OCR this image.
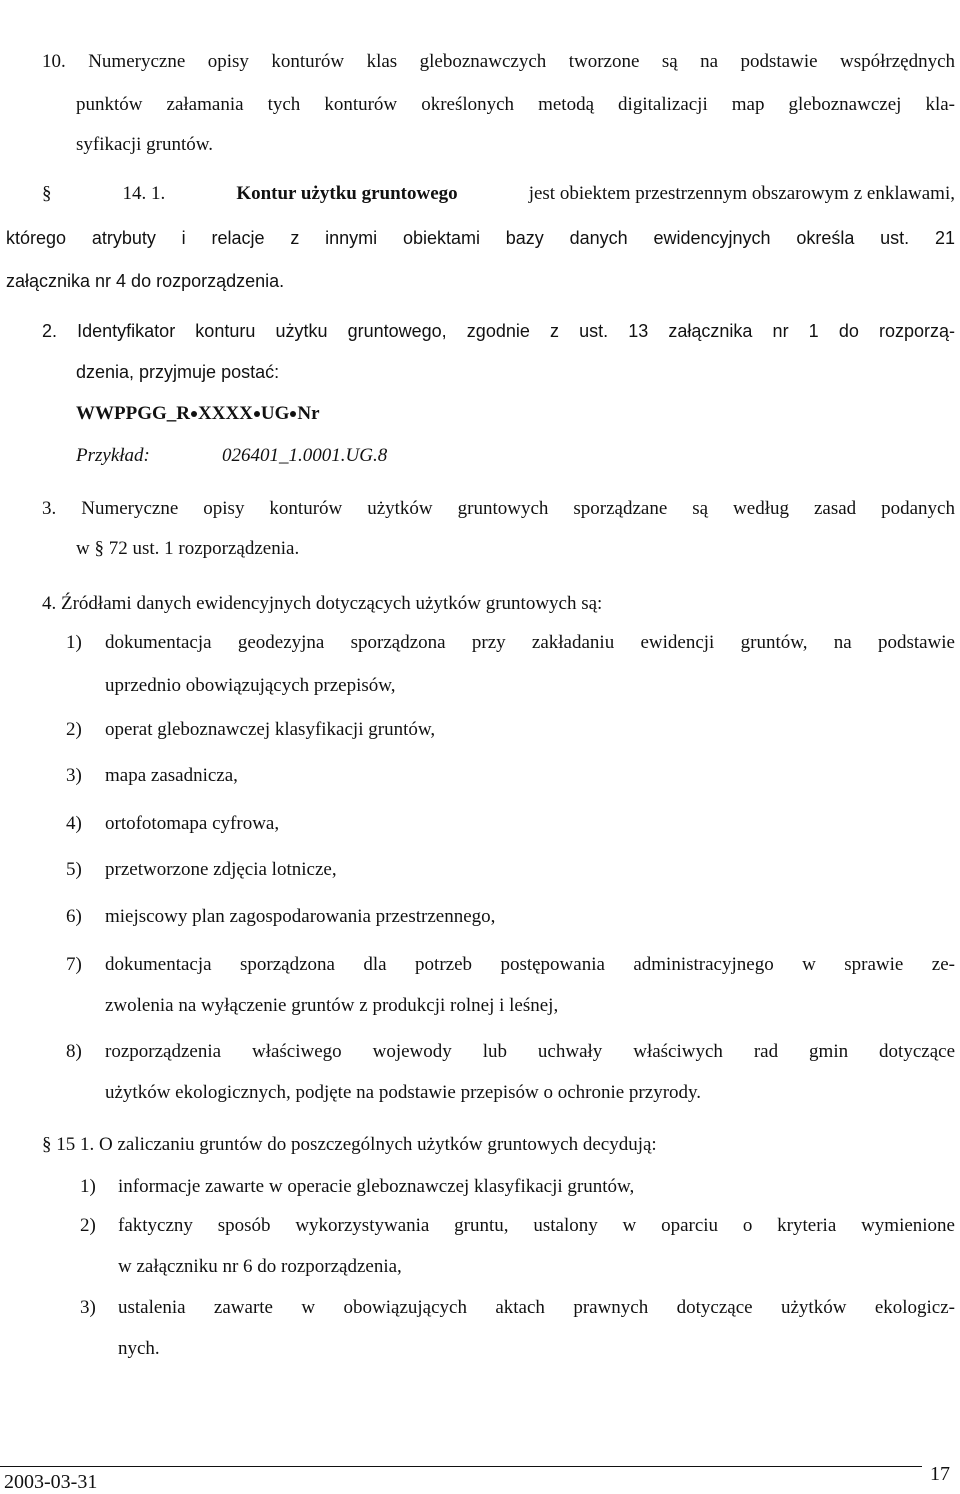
10. Numeryczne opisy konturów klas gleboznawczych tworzone są na podstawie współrzędnych
punktów załamania tych konturów określonych metodą digitalizacji map gleboznawczej kla-
syfikacji gruntów.
§	14. 1.	Kontur użytku gruntowego	jest obiektem przestrzennym obszarowym z enklawami,
którego atrybuty i relacje z innymi obiektami bazy danych ewidencyjnych określa ust. 21
załącznika nr 4 do rozporządzenia.
2. Identyfikator konturu użytku gruntowego, zgodnie z ust. 13 załącznika nr 1 do rozporzą-
dzenia, przyjmuje postać:
WWPPGG_R XXXX UG Nr
Przykład:	026401_1.0001.UG.8
3. Numeryczne opisy konturów użytków gruntowych sporządzane są według zasad podanych
w § 72 ust. 1 rozporządzenia.
4. Źródłami danych ewidencyjnych dotyczących użytków gruntowych są:
1) dokumentacja geodezyjna sporządzona przy zakładaniu ewidencji gruntów, na podstawie
uprzednio obowiązujących przepisów,
2) operat gleboznawczej klasyfikacji gruntów,
3) mapa zasadnicza,
4) ortofotomapa cyfrowa,
5) przetworzone zdjęcia lotnicze,
6) miejscowy plan zagospodarowania przestrzennego,
7) dokumentacja sporządzona dla potrzeb postępowania administracyjnego w sprawie ze-
zwolenia na wyłączenie gruntów z produkcji rolnej i leśnej,
8) rozporządzenia właściwego wojewody lub uchwały właściwych rad gmin dotyczące
użytków ekologicznych, podjęte na podstawie przepisów o ochronie przyrody.
§ 15 1. O zaliczaniu gruntów do poszczególnych użytków gruntowych decydują:
1) informacje zawarte w operacie gleboznawczej klasyfikacji gruntów,
2) faktyczny sposób wykorzystywania gruntu, ustalony w oparciu o kryteria wymienione
w załączniku nr 6 do rozporządzenia,
3) ustalenia zawarte w obowiązujących aktach prawnych dotyczące użytków ekologicz-
nych.
2003-03-31	17
